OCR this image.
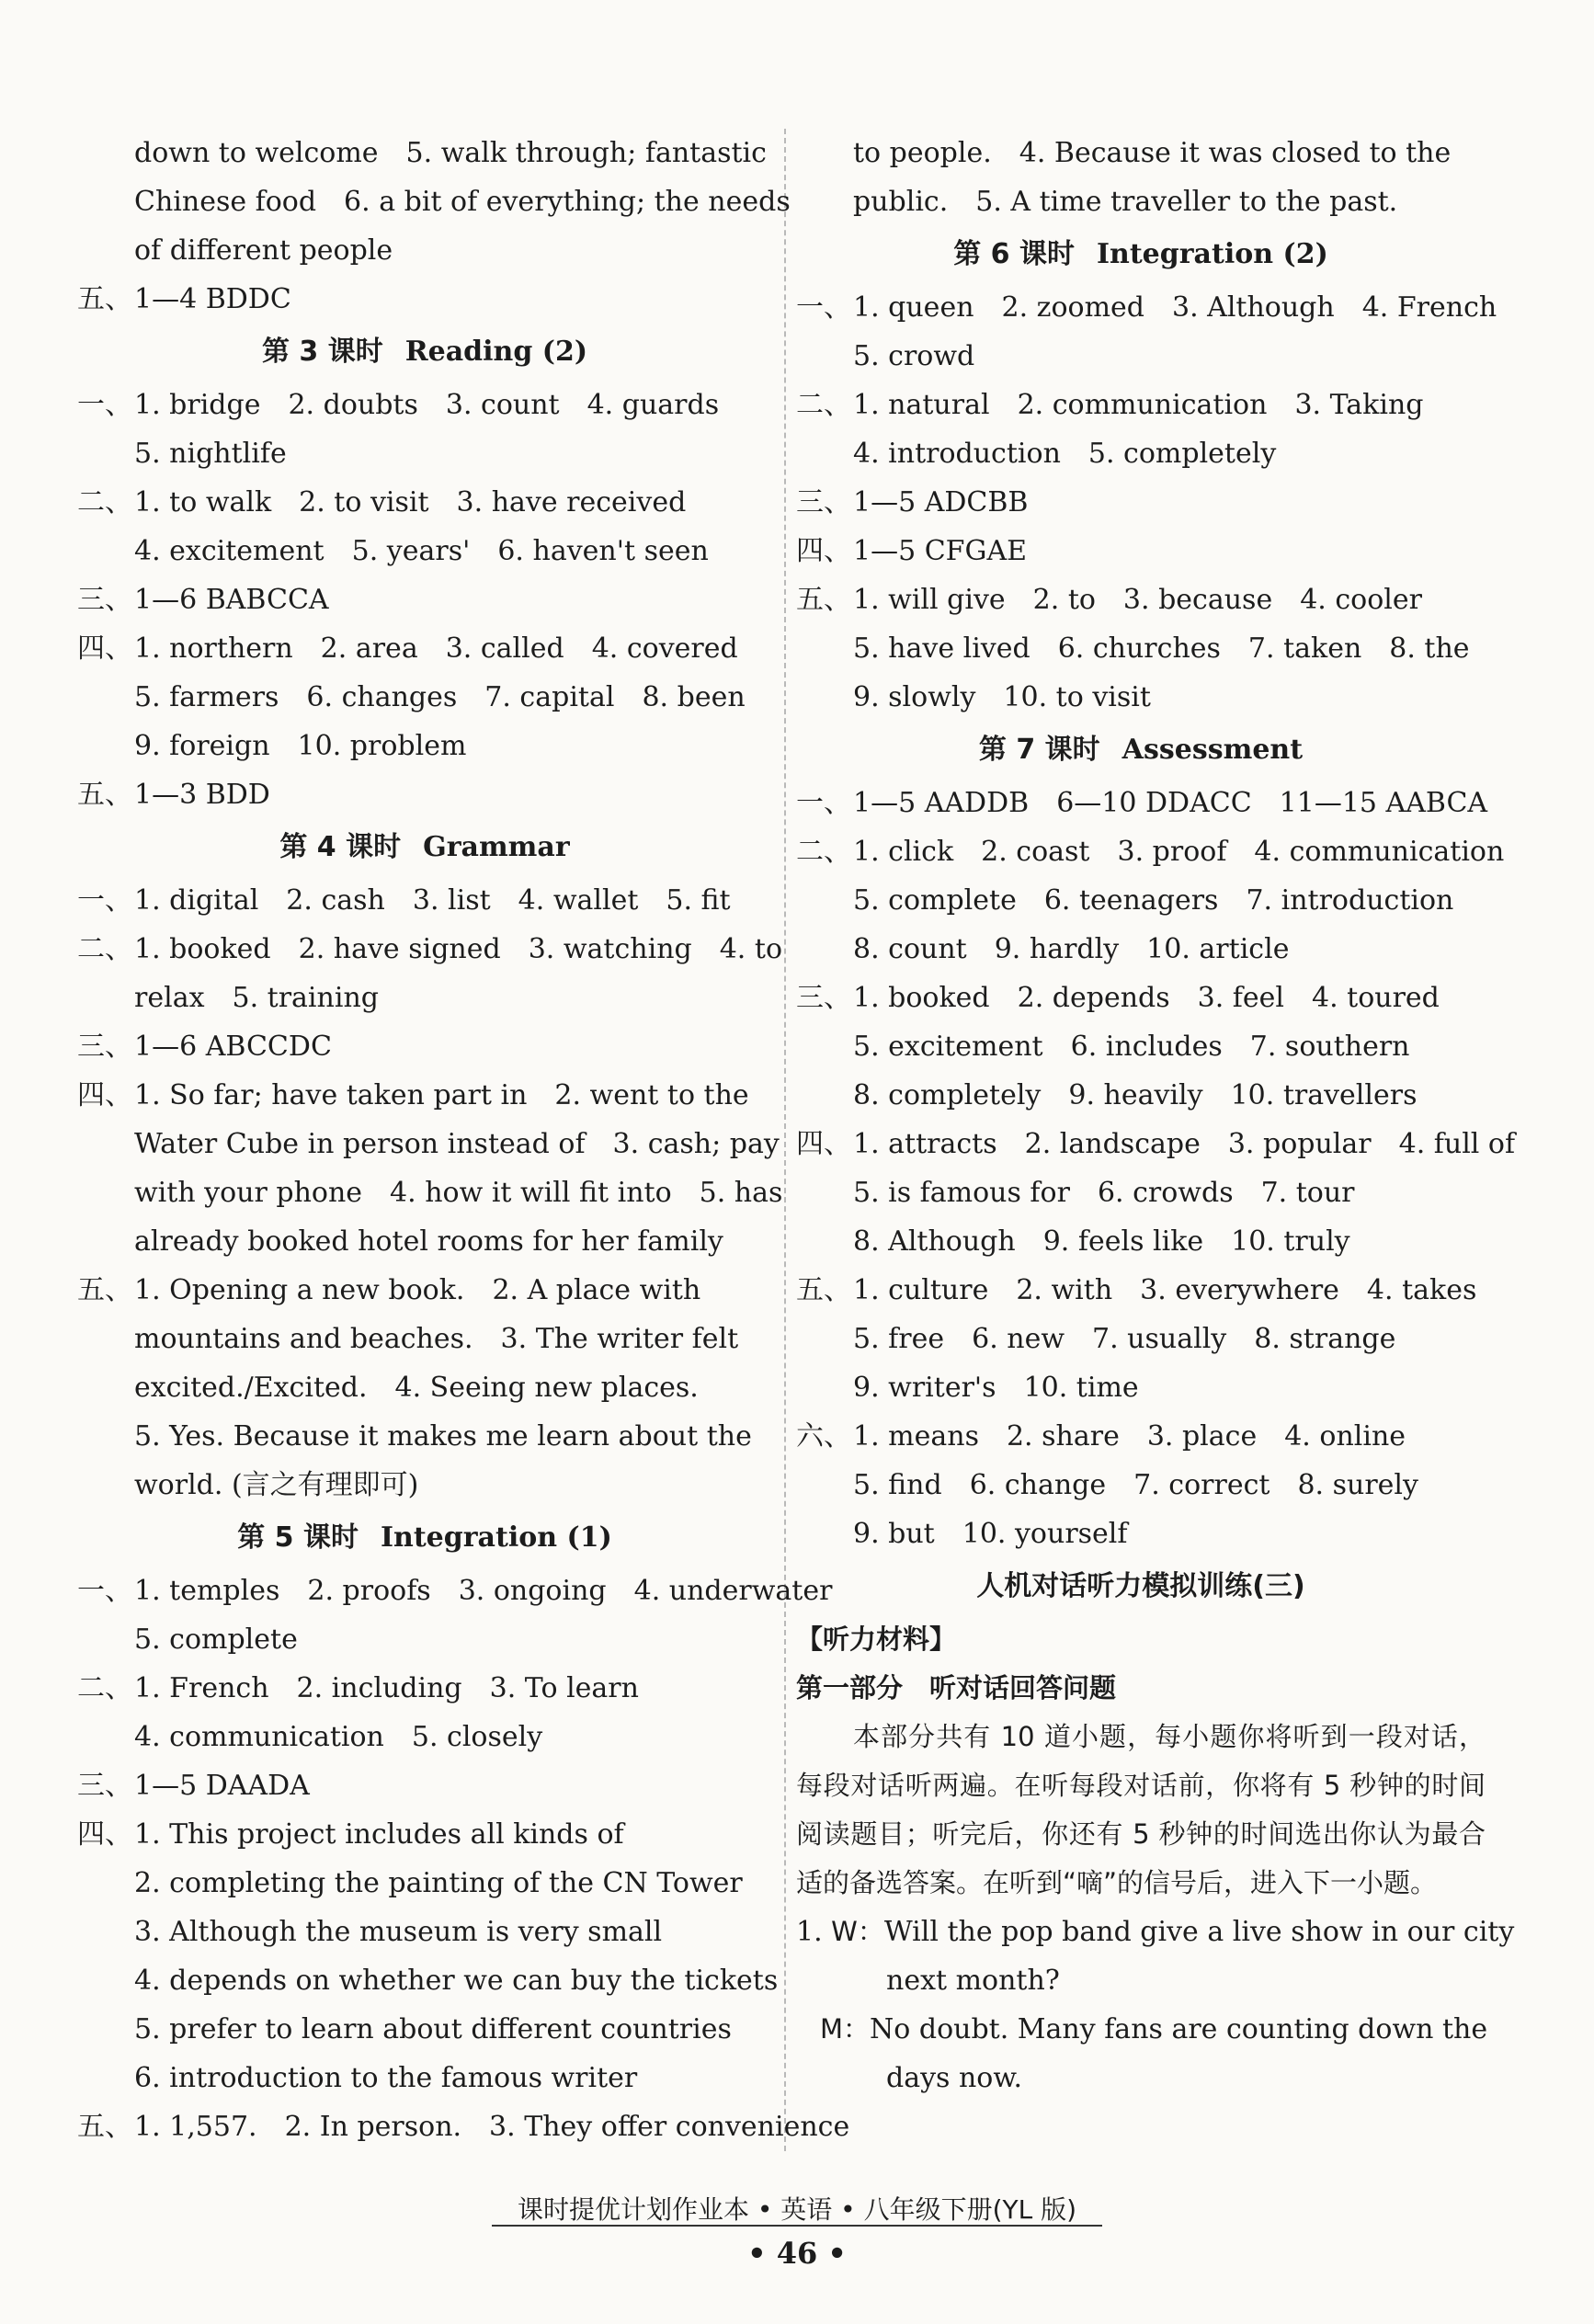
down to welcome　5. walk through; fantastic
Chinese food　6. a bit of everything; the needs
of different people
五、1—4 BDDC
第 3 课时 Reading (2)
一、1. bridge　2. doubts　3. count　4. guards
5. nightlife
二、1. to walk　2. to visit　3. have received
4. excitement　5. years'　6. haven't seen
三、1—6 BABCCA
四、1. northern　2. area　3. called　4. covered
5. farmers　6. changes　7. capital　8. been
9. foreign　10. problem
五、1—3 BDD
第 4 课时 Grammar
一、1. digital　2. cash　3. list　4. wallet　5. fit
二、1. booked　2. have signed　3. watching　4. to
relax　5. training
三、1—6 ABCCDC
四、1. So far; have taken part in　2. went to the
Water Cube in person instead of　3. cash; pay
with your phone　4. how it will fit into　5. has
already booked hotel rooms for her family
五、1. Opening a new book.　2. A place with
mountains and beaches.　3. The writer felt
excited./Excited.　4. Seeing new places.
5. Yes. Because it makes me learn about the
world. (言之有理即可)
第 5 课时 Integration (1)
一、1. temples　2. proofs　3. ongoing　4. underwater
5. complete
二、1. French　2. including　3. To learn
4. communication　5. closely
三、1—5 DAADA
四、1. This project includes all kinds of
2. completing the painting of the CN Tower
3. Although the museum is very small
4. depends on whether we can buy the tickets
5. prefer to learn about different countries
6. introduction to the famous writer
五、1. 1,557.　2. In person.　3. They offer convenience
to people.　4. Because it was closed to the
public.　5. A time traveller to the past.
第 6 课时 Integration (2)
一、1. queen　2. zoomed　3. Although　4. French
5. crowd
二、1. natural　2. communication　3. Taking
4. introduction　5. completely
三、1—5 ADCBB
四、1—5 CFGAE
五、1. will give　2. to　3. because　4. cooler
5. have lived　6. churches　7. taken　8. the
9. slowly　10. to visit
第 7 课时 Assessment
一、1—5 AADDB　6—10 DDACC　11—15 AABCA
二、1. click　2. coast　3. proof　4. communication
5. complete　6. teenagers　7. introduction
8. count　9. hardly　10. article
三、1. booked　2. depends　3. feel　4. toured
5. excitement　6. includes　7. southern
8. completely　9. heavily　10. travellers
四、1. attracts　2. landscape　3. popular　4. full of
5. is famous for　6. crowds　7. tour
8. Although　9. feels like　10. truly
五、1. culture　2. with　3. everywhere　4. takes
5. free　6. new　7. usually　8. strange
9. writer's　10. time
六、1. means　2. share　3. place　4. online
5. find　6. change　7. correct　8. surely
9. but　10. yourself
人机对话听力模拟训练(三)
【听力材料】
第一部分　听对话回答问题
本部分共有 10 道小题，每小题你将听到一段对话，每段对话听两遍。在听每段对话前，你将有 5 秒钟的时间阅读题目；听完后，你还有 5 秒钟的时间选出你认为最合适的备选答案。在听到“嘀”的信号后，进入下一小题。
1. W：Will the pop band give a live show in our city
next month?
M：No doubt. Many fans are counting down the
days now.
课时提优计划作业本 • 英语 • 八年级下册(YL 版)
• 46 •
